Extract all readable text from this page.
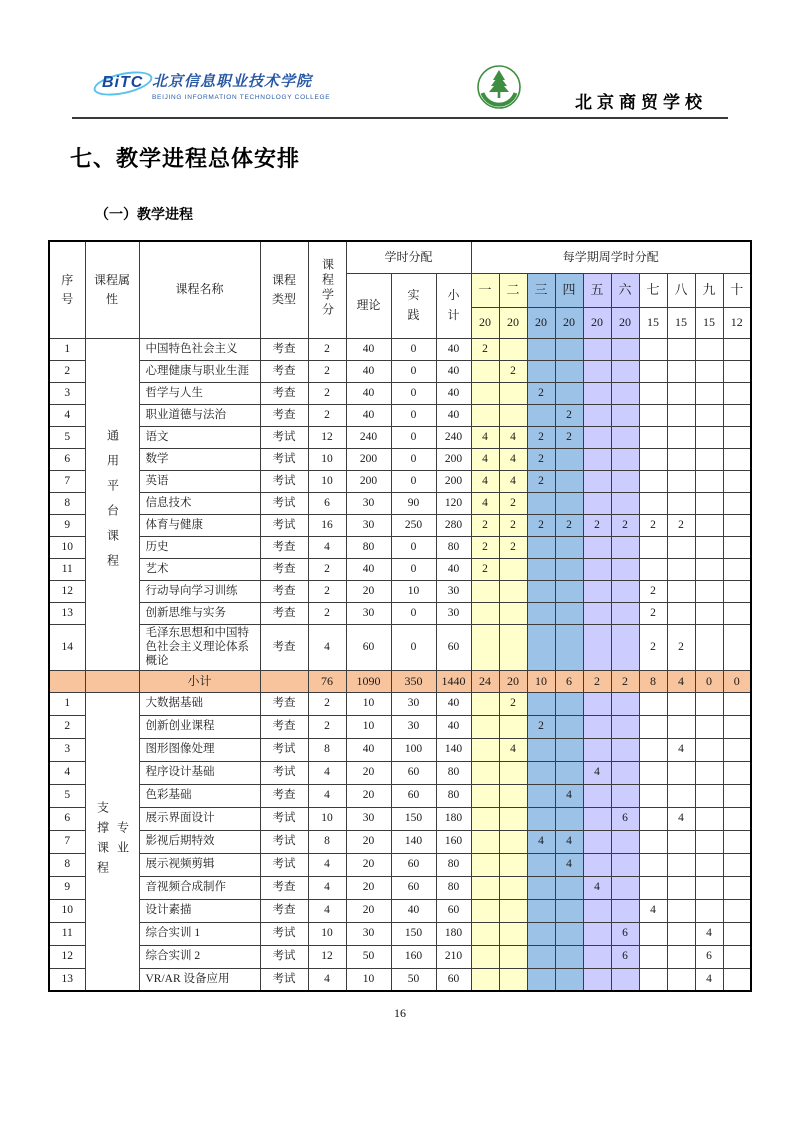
BiTC 北京信息职业技术学院
BEIJING INFORMATION TECHNOLOGY COLLEGE	北京商贸学校
七、教学进程总体安排
（一）教学进程
序号	课程属性	课程名称	课程类型	课程学分	学时分配			每学期周学时分配									
					理论	实践	小计	一	二	三	四	五	六	七	八	九	十
								20	20	20	20	20	20	15	15	15	12
1	通用平台课程	中国特色社会主义	考查	2	40	0	40	2									
2		心理健康与职业生涯	考查	2	40	0	40		2								
3		哲学与人生	考查	2	40	0	40			2							
4		职业道德与法治	考查	2	40	0	40				2						
5		语文	考试	12	240	0	240	4	4	2	2						
6		数学	考试	10	200	0	200	4	4	2							
7		英语	考试	10	200	0	200	4	4	2							
8		信息技术	考试	6	30	90	120	4	2								
9		体育与健康	考试	16	30	250	280	2	2	2	2	2	2	2	2		
10		历史	考查	4	80	0	80	2	2								
11		艺术	考查	2	40	0	40	2									
12		行动导向学习训练	考查	2	20	10	30							2			
13		创新思维与实务	考查	2	30	0	30							2			
14		毛泽东思想和中国特色社会主义理论体系概论	考查	4	60	0	60							2	2		
		小计		76	1090	350	1440	24	20	10	6	2	2	8	4	0	0
1	支撑课程 专业	大数据基础	考查	2	10	30	40		2								
2		创新创业课程	考查	2	10	30	40			2							
3		图形图像处理	考试	8	40	100	140		4						4		
4		程序设计基础	考试	4	20	60	80					4					
5		色彩基础	考查	4	20	60	80				4						
6		展示界面设计	考试	10	30	150	180						6		4		
7		影视后期特效	考试	8	20	140	160			4	4						
8		展示视频剪辑	考试	4	20	60	80				4						
9		音视频合成制作	考查	4	20	60	80					4					
10		设计素描	考查	4	20	40	60							4			
11		综合实训 1	考试	10	30	150	180						6			4	
12		综合实训 2	考试	12	50	160	210						6			6	
13		VR/AR 设备应用	考试	4	10	50	60									4	
16
